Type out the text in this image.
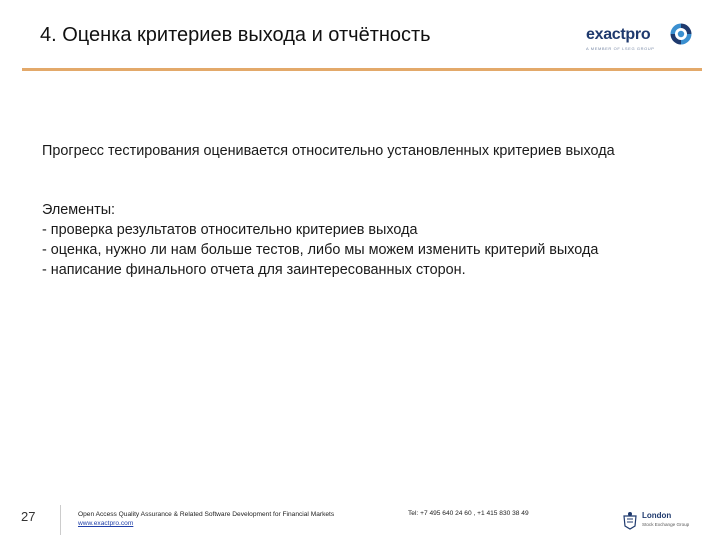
4. Оценка критериев выхода и отчётность	exactpro
A MEMBER OF LSEG GROUP
Прогресс тестирования оценивается относительно установленных критериев выхода
Элементы:
- проверка результатов относительно критериев выхода
- оценка, нужно ли нам больше тестов, либо мы можем изменить критерий выхода
- написание финального отчета для заинтересованных сторон.
27	Open Access Quality Assurance & Related Software Development for Financial Markets
www.exactpro.com
Tel: +7 495 640 24 60 , +1 415 830 38 49	London
Stock Exchange Group
